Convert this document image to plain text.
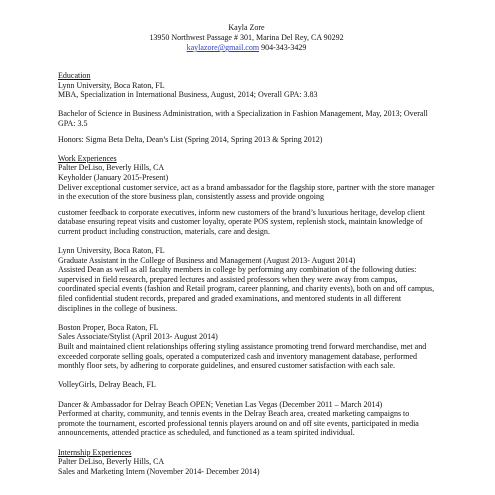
Kayla Zore
13950 Northwest Passage # 301, Marina Del Rey, CA 90292
kaylazore@gmail.com 904-343-3429

Education

Lynn University, Boca Raton, FL

MBA, Specialization in International Business, August, 2014; Overall GPA: 3.83

Bachelor of Science in Business Administration, with a Specialization in Fashion Management, May, 2013; Overall GPA: 3.5

Honors: Sigma Beta Delta, Dean’s List (Spring 2014, Spring 2013 & Spring 2012)

Work Experiences

Palter DeLiso, Beverly Hills, CA

Keyholder (January 2015-Present)

Deliver exceptional customer service, act as a brand ambassador for the flagship store, partner with the store manager in the execution of the store business plan, consistently assess and provide ongoing

customer feedback to corporate executives, inform new customers of the brand’s luxurious heritage, develop client database ensuring repeat visits and customer loyalty, operate POS system, replenish stock, maintain knowledge of current product including construction, materials, care and design.

Lynn University, Boca Raton, FL

Graduate Assistant in the College of Business and Management (August 2013- August 2014)

Assisted Dean as well as all faculty members in college by performing any combination of the following duties: supervised in field research, prepared lectures and assisted professors when they were away from campus, coordinated special events (fashion and Retail program, career planning, and charity events), both on and off campus, filed confidential student records, prepared and graded examinations, and mentored students in all different disciplines in the college of business.

Boston Proper, Boca Raton, FL

Sales Associate/Stylist (April 2013- August 2014)

Built and maintained client relationships offering styling assistance promoting trend forward merchandise, met and exceeded corporate selling goals, operated a computerized cash and inventory management database, performed monthly floor sets, by adhering to corporate guidelines, and ensured customer satisfaction with each sale.

VolleyGirls, Delray Beach, FL

Dancer & Ambassador for Delray Beach OPEN; Venetian Las Vegas (December 2011 – March 2014)

Performed at charity, community, and tennis events in the Delray Beach area, created marketing campaigns to promote the tournament, escorted professional tennis players around on and off site events, participated in media announcements, attended practice as scheduled, and functioned as a team spirited individual.

Internship Experiences

Palter DeLiso, Beverly Hills, CA

Sales and Marketing Intern (November 2014- December 2014)
